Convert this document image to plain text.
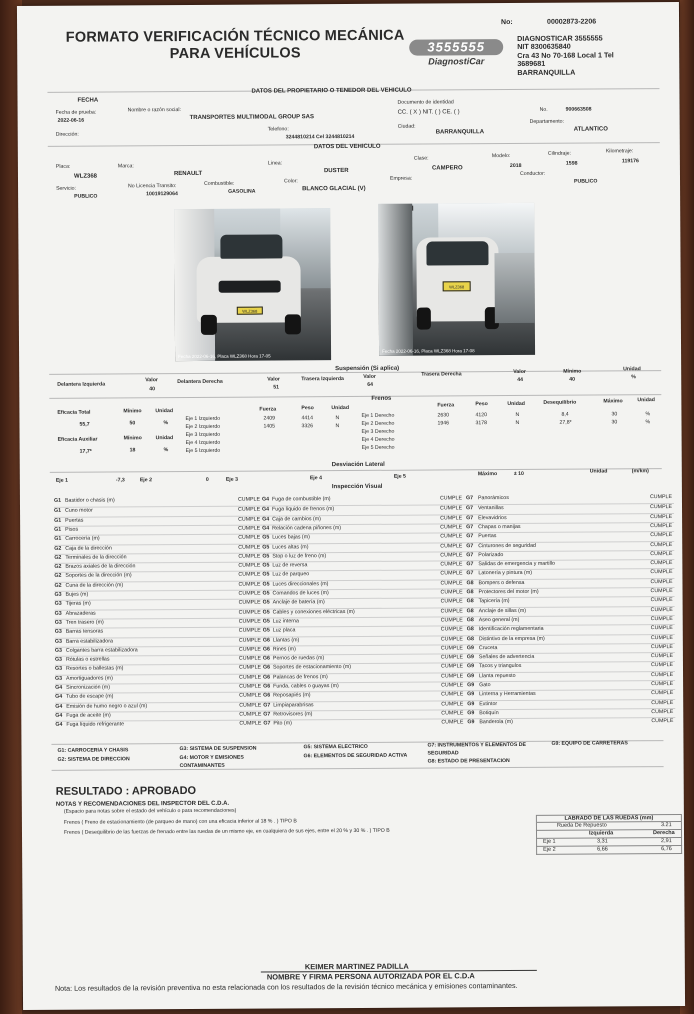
No:	00002873-2206
FORMATO VERIFICACIÓN TÉCNICO MECÁNICA
PARA VEHÍCULOS	3555555
DiagnostiCar
DIAGNOSTICAR 3555555
NIT 8300635840
Cra 43 No 70-168 Local 1 Tel
3689681
BARRANQUILLA
FECHA
DATOS DEL PROPIETARIO O TENEDOR DEL VEHICULO
Fecha de prueba:
2022-06-16
Nombre o razón social:
TRANSPORTES MULTIMODAL GROUP SAS
Documento de identidad
CC. ( X ) NIT. ( ) CE. ( )	No.	900663508
Dirección:
Telefono:
3244810214 Cel 3244810214
Ciudad:
BARRANQUILLA
Departamento:
ATLANTICO
DATOS DEL VEHICULO
Placa:
WLZ368
Marca:
RENAULT
Linea:
DUSTER
Clase:
CAMPERO
Modelo:
2018
Cilindraje:
1598
Kilometraje:
119176
Servicio:
PUBLICO
No Licencia Transito:
10019129064
Combustible:
GASOLINA
Color:
BLANCO GLACIAL (V)
Empresa:
Conductor:
PUBLICO
WLZ368
Fecha 2022-06-16, Placa WLZ368 Hora 17-05
WLZ368
Fecha 2022-06-16, Placa WLZ368 Hora 17-08
Suspensión (Si aplica)
Delantera Izquierda
Valor
40
Delantera Derecha	Valor
51
Trasera Izquierda	Valor
64
Trasera Derecha	Valor
44
Mínimo
40
Unidad
%
Frenos
Eficacia Total	Mínimo	Unidad
55,7	50	%
Eficacia Auxiliar	Mínimo	Unidad
17,7*	18	%
Fuerza	Peso	Unidad
Eje 1 Izquierdo	2409	4414	N
Eje 2 Izquierdo	1405	3326	N
Eje 3 Izquierdo
Eje 4 Izquierdo
Eje 5 Izquierdo
Fuerza	Peso	Unidad	Desequilibrio	Máximo	Unidad
Eje 1 Derecho	2630	4120	N	8,4	30	%
Eje 2 Derecho	1946	3178	N	27,8*	30	%
Eje 3 Derecho
Eje 4 Derecho
Eje 5 Derecho
Desviación Lateral
Eje 1	-7,3	Eje 2	0	Eje 3	Eje 4	Eje 5	Máximo	± 10	Unidad	(m/km)
Inspección Visual
G1 Bastidor o chasis (m)	CUMPLE G4 Fuga de combustible (m)	CUMPLE G7 Panorámicos	CUMPLE
G1 Cuno motor	CUMPLE G4 Fuga líquido de frenos (m)	CUMPLE G7 Ventanillas	CUMPLE
G1 Puertas	CUMPLE G4 Caja de cambios (m)	CUMPLE G7 Elevavidrios	CUMPLE
G1 Pisos	CUMPLE G4 Relación cadena piñones (m)	CUMPLE G7 Chapas o manijas	CUMPLE
G1 Carrocería (m)	CUMPLE G5 Luces bajas (m)	CUMPLE G7 Puertas	CUMPLE
G2 Caja de la dirección	CUMPLE G5 Luces altas (m)	CUMPLE G7 Cinturones de seguridad	CUMPLE
G2 Terminales de la dirección	CUMPLE G5 Stop o luz de freno (m)	CUMPLE G7 Polarizado	CUMPLE
G2 Brazos axiales de la dirección	CUMPLE G5 Luz de reversa	CUMPLE G7 Salidas de emergencia y martillo	CUMPLE
G2 Soportes de la dirección (m)	CUMPLE G5 Luz de parqueo	CUMPLE G7 Latonería y pintura (m)	CUMPLE
G2 Cuna de la dirección (m)	CUMPLE G5 Luces direccionales (m)	CUMPLE G8 Bompers o defensa	CUMPLE
G3 Bujes (m)	CUMPLE G5 Comandos de luces (m)	CUMPLE G8 Protectores del motor (m)	CUMPLE
G3 Tijeras (m)	CUMPLE G5 Anclaje de batería (m)	CUMPLE G8 Tapicería (m)	CUMPLE
G3 Abrazaderas	CUMPLE G5 Cables y conexiones eléctricas (m)	CUMPLE G8 Anclaje de sillas (m)	CUMPLE
G3 Tren trasero (m)	CUMPLE G5 Luz interna	CUMPLE G8 Aseo general (m)	CUMPLE
G3 Barras tensoras	CUMPLE G5 Luz placa	CUMPLE G8 Identificación reglamentaria	CUMPLE
G3 Barra estabilizadora	CUMPLE G6 Llantas (m)	CUMPLE G8 Distintivo de la empresa (m)	CUMPLE
G3 Colgantes barra estabilizadora	CUMPLE G6 Rines (m)	CUMPLE G9 Cruceta	CUMPLE
G3 Rótulas o estrellas	CUMPLE G6 Pernos de ruedas (m)	CUMPLE G9 Señales de advertencia	CUMPLE
G3 Resortes o ballestas (m)	CUMPLE G6 Soportes de estacionamiento (m)	CUMPLE G9 Tacos y triangulos	CUMPLE
G3 Amortiguadores (m)	CUMPLE G6 Palancas de frenos (m)	CUMPLE G9 Llanta repuesto	CUMPLE
G4 Sincronización (m)	CUMPLE G6 Funda, cables o guayas (m)	CUMPLE G9 Gato	CUMPLE
G4 Tubo de escape (m)	CUMPLE G6 Reposapiés (m)	CUMPLE G9 Linterna y Herramientas	CUMPLE
G4 Emisión de humo negro o azul (m)	CUMPLE G7 Limpiaparabrisas	CUMPLE G9 Extintor	CUMPLE
G4 Fuga de aceite (m)	CUMPLE G7 Retrovisores (m)	CUMPLE G9 Botiquín	CUMPLE
G4 Fuga líquido refrigerante	CUMPLE G7 Pito (m)	CUMPLE G9 Banderola (m)	CUMPLE
G1: CARROCERIA Y CHASIS
G2: SISTEMA DE DIRECCION
G3: SISTEMA DE SUSPENSION
G4: MOTOR Y EMISIONES CONTAMINANTES
G5: SISTEMA ELECTRICO
G6: ELEMENTOS DE SEGURIDAD ACTIVA
G7: INSTRUMENTOS Y ELEMENTOS DE SEGURIDAD
G8: ESTADO DE PRESENTACION
G9: EQUIPO DE CARRETERAS
RESULTADO : APROBADO
NOTAS Y RECOMENDACIONES DEL INSPECTOR DEL C.D.A.
(Espacio para notas sobre el estado del vehículo o para recomendaciones)
Frenos ( Freno de estacionamiento (de parqueo de mano) con una eficacia inferior al 18 % . ) TIPO B
Frenos ( Desequilibrio de las fuerzas de frenado entre las ruedas de un mismo eje, en cualquiera de sus ejes, entre el 20 % y 30 % . ) TIPO B
LABRADO DE LAS RUEDAS (mm)
Rueda De Repuesto	3.21
Izquierda	Derecha
Eje 1	3,31	2,91
Eje 2	6,66	6,76
KEIMER MARTINEZ PADILLA
NOMBRE Y FIRMA PERSONA AUTORIZADA POR EL C.D.A
Nota: Los resultados de la revisión preventiva no esta relacionada con los resultados de la revisión técnico mecánica y emisiones contaminantes.
